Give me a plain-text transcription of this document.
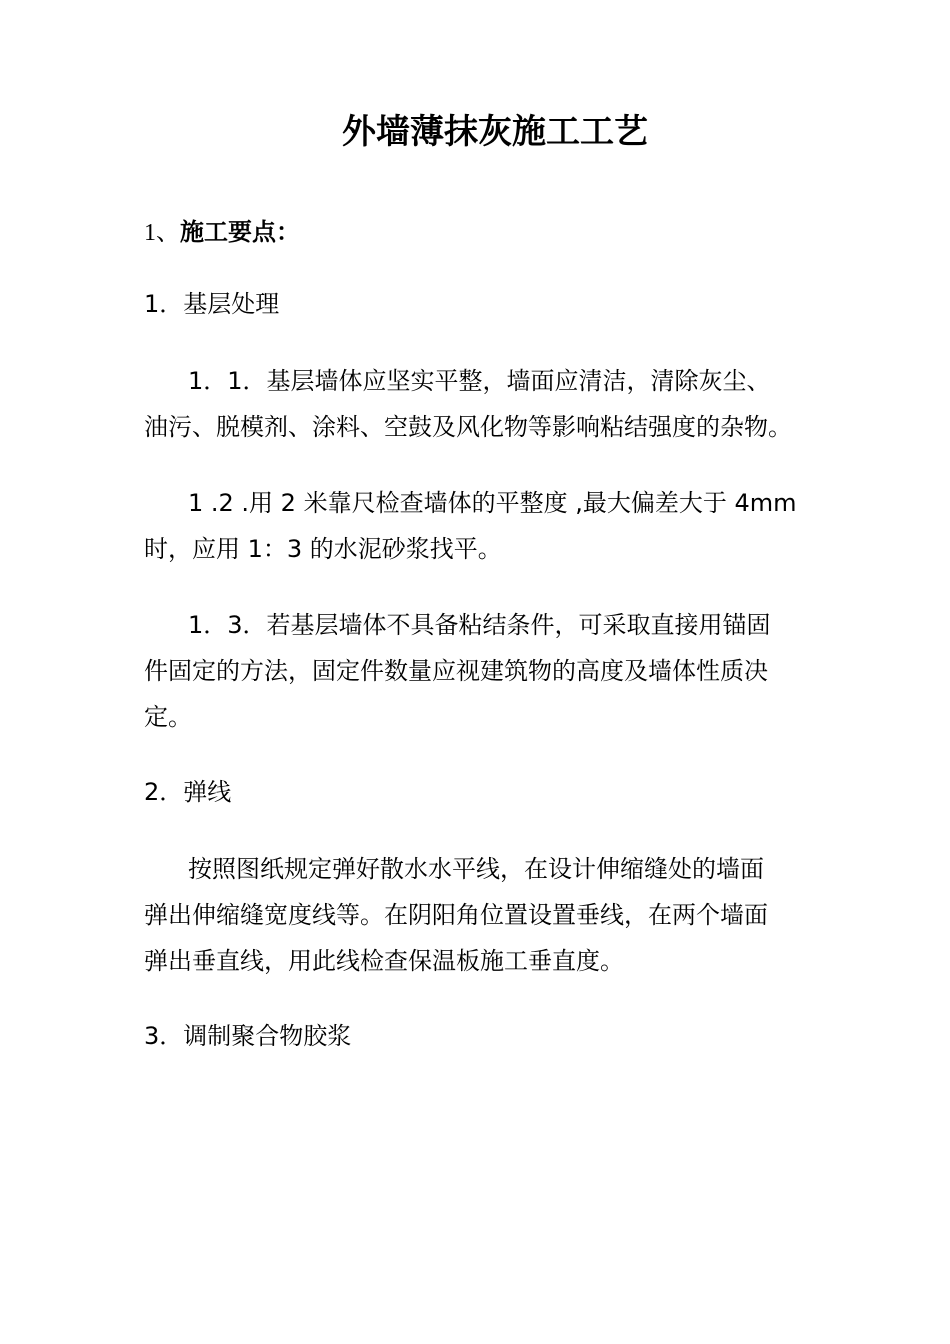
外墙薄抹灰施工工艺
1、施工要点：
1．基层处理
1．1．基层墙体应坚实平整，墙面应清洁，清除灰尘、
油污、脱模剂、涂料、空鼓及风化物等影响粘结强度的杂物。
1 .2 .用 2 米靠尺检查墙体的平整度 ,最大偏差大于 4mm
时，应用 1：3 的水泥砂浆找平。
1．3．若基层墙体不具备粘结条件，可采取直接用锚固
件固定的方法，固定件数量应视建筑物的高度及墙体性质决
定。
2．弹线
按照图纸规定弹好散水水平线，在设计伸缩缝处的墙面
弹出伸缩缝宽度线等。在阴阳角位置设置垂线，在两个墙面
弹出垂直线，用此线检查保温板施工垂直度。
3．调制聚合物胶浆
